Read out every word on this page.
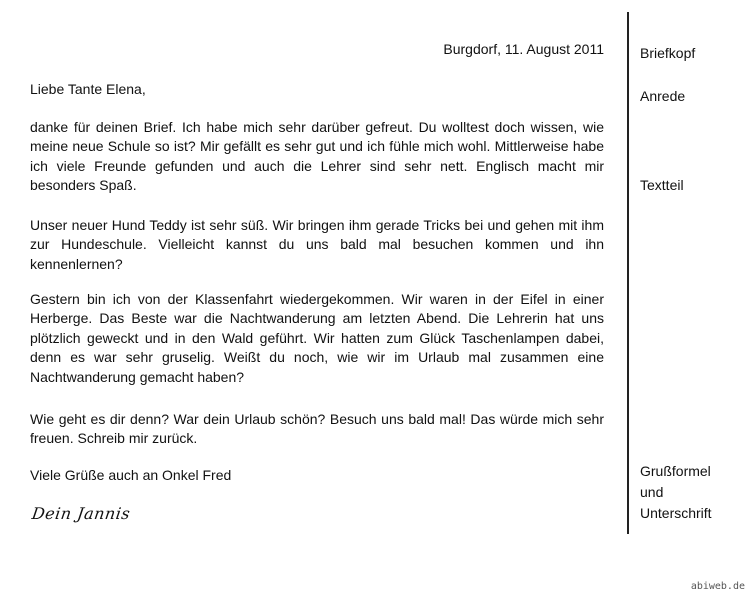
Burgdorf, 11. August 2011
Liebe Tante Elena,

danke für deinen Brief. Ich habe mich sehr darüber gefreut. Du wolltest doch wissen, wie meine neue Schule so ist? Mir gefällt es sehr gut und ich fühle mich wohl. Mittlerweise habe ich viele Freunde gefunden und auch die Lehrer sind sehr nett. Englisch macht mir besonders Spaß.

Unser neuer Hund Teddy ist sehr süß. Wir bringen ihm gerade Tricks bei und gehen mit ihm zur Hundeschule. Vielleicht kannst du uns bald mal besuchen kommen und ihn kennenlernen?

Gestern bin ich von der Klassenfahrt wiedergekommen. Wir waren in der Eifel in einer Herberge. Das Beste war die Nachtwanderung am letzten Abend. Die Lehrerin hat uns plötzlich geweckt und in den Wald geführt. Wir hatten zum Glück Taschenlampen dabei, denn es war sehr gruselig. Weißt du noch, wie wir im Urlaub mal zusammen eine Nachtwanderung gemacht haben?

Wie geht es dir denn? War dein Urlaub schön? Besuch uns bald mal! Das würde mich sehr freuen. Schreib mir zurück.

Viele Grüße auch an Onkel Fred
Dein Jannis
Briefkopf
Anrede
Textteil
Grußformel
und
Unterschrift
abiweb.de
